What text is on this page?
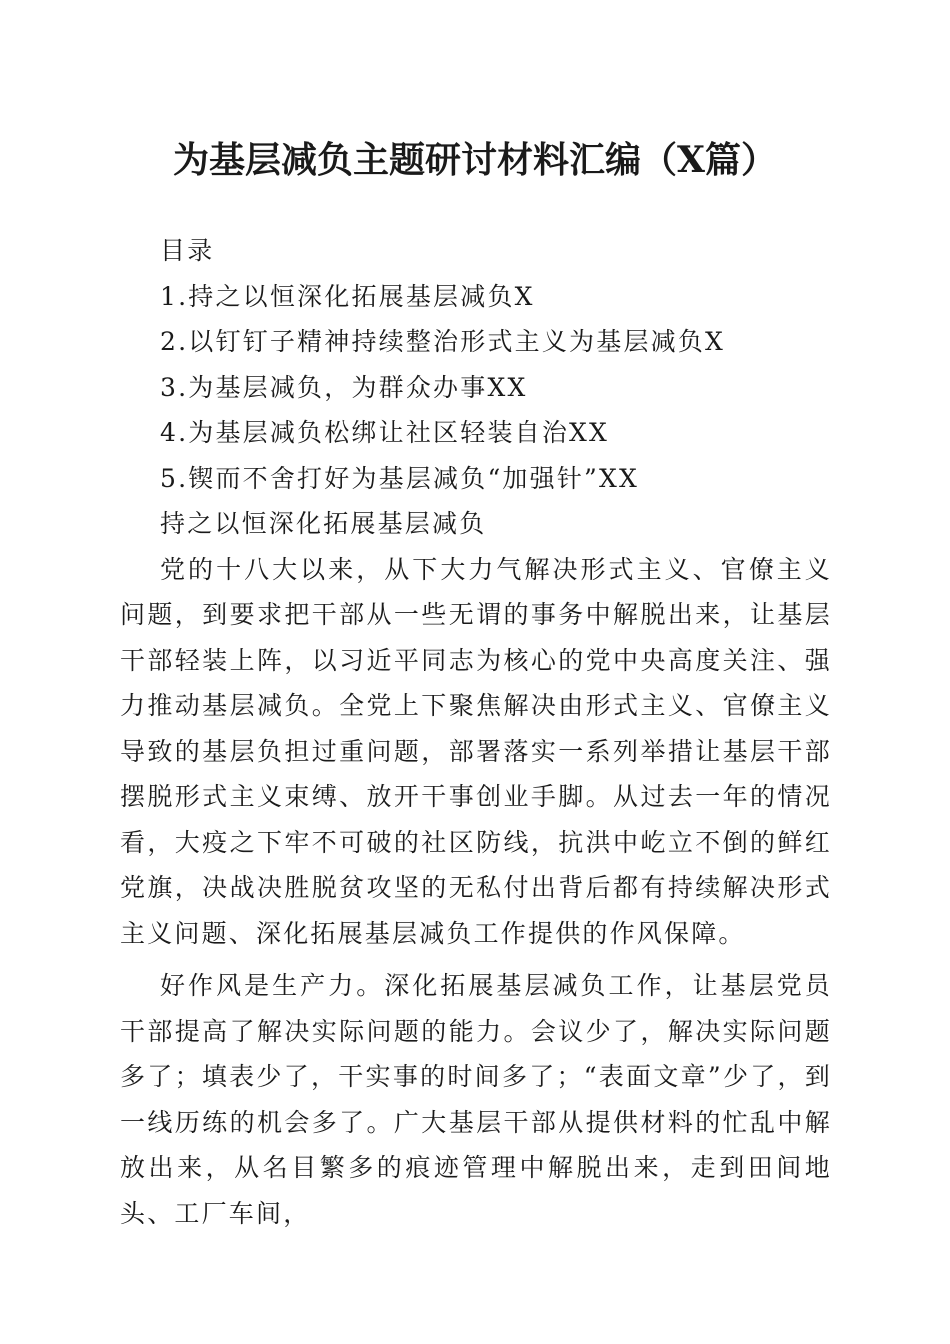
为基层减负主题研讨材料汇编（X篇）

目录

1.持之以恒深化拓展基层减负X

2.以钉钉子精神持续整治形式主义为基层减负X

3.为基层减负，为群众办事XX

4.为基层减负松绑让社区轻装自治XX

5.锲而不舍打好为基层减负“加强针”XX

持之以恒深化拓展基层减负

党的十八大以来，从下大力气解决形式主义、官僚主义问题，到要求把干部从一些无谓的事务中解脱出来，让基层干部轻装上阵，以习近平同志为核心的党中央高度关注、强力推动基层减负。全党上下聚焦解决由形式主义、官僚主义导致的基层负担过重问题，部署落实一系列举措让基层干部摆脱形式主义束缚、放开干事创业手脚。从过去一年的情况看，大疫之下牢不可破的社区防线，抗洪中屹立不倒的鲜红党旗，决战决胜脱贫攻坚的无私付出背后都有持续解决形式主义问题、深化拓展基层减负工作提供的作风保障。

好作风是生产力。深化拓展基层减负工作，让基层党员干部提高了解决实际问题的能力。会议少了，解决实际问题多了；填表少了，干实事的时间多了；“表面文章”少了，到一线历练的机会多了。广大基层干部从提供材料的忙乱中解放出来，从名目繁多的痕迹管理中解脱出来，走到田间地头、工厂车间，
